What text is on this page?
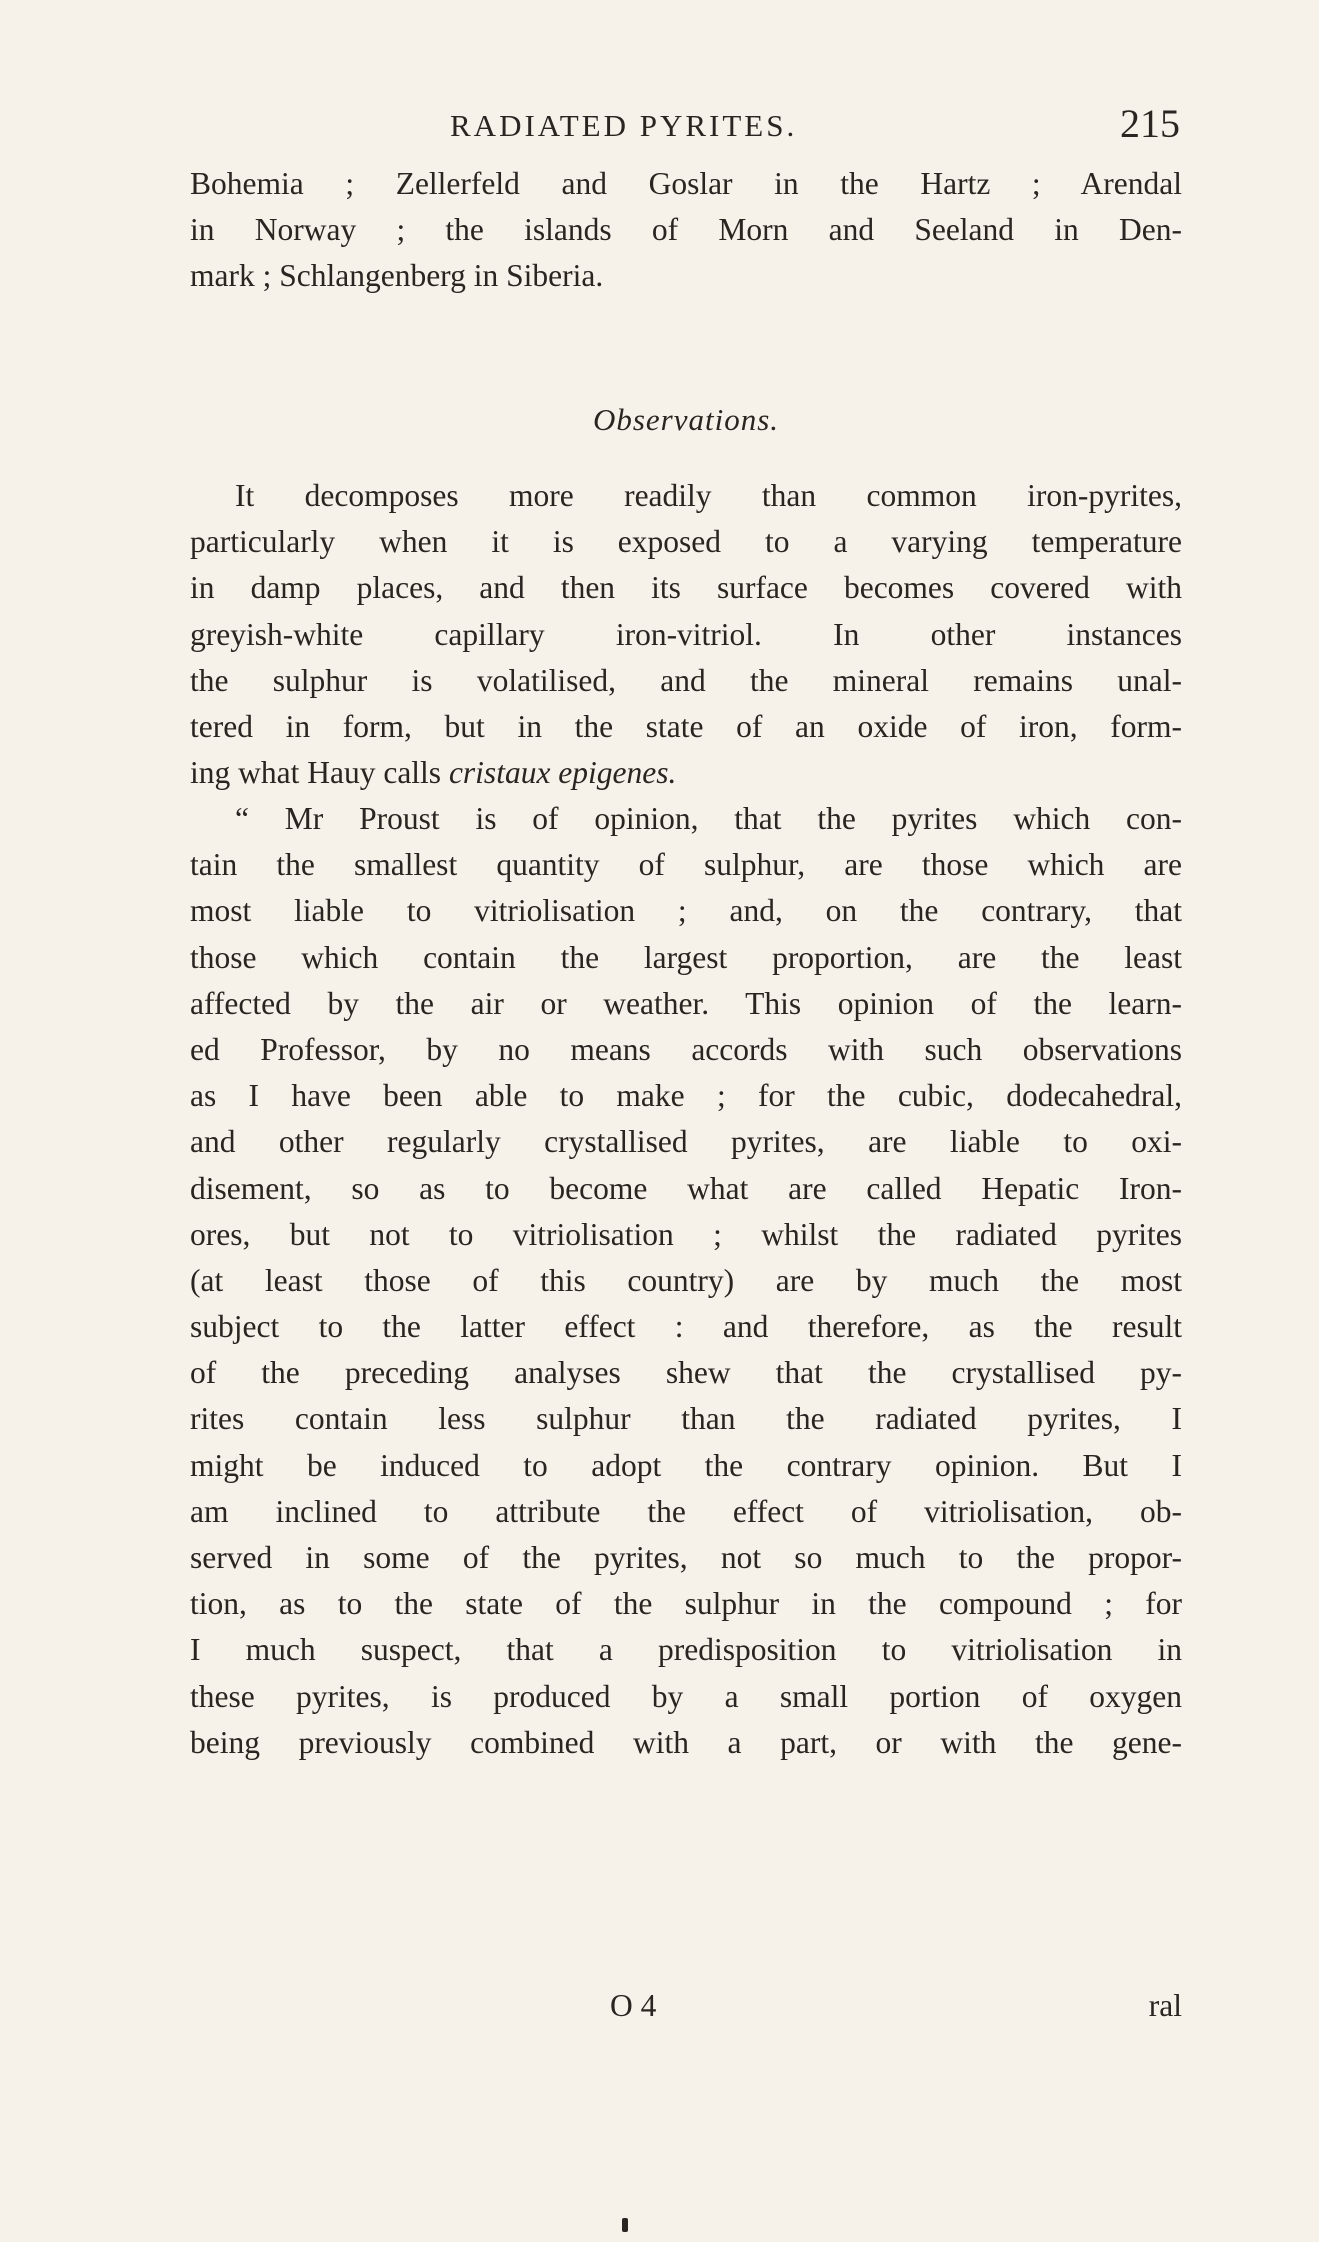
RADIATED PYRITES.	215
Bohemia ; Zellerfeld and Goslar in the Hartz ; Arendal
in Norway ; the islands of Morn and Seeland in Den-
mark ; Schlangenberg in Siberia.
Observations.
It decomposes more readily than common iron-pyrites,
particularly when it is exposed to a varying temperature
in damp places, and then its surface becomes covered with
greyish-white capillary iron-vitriol. In other instances
the sulphur is volatilised, and the mineral remains unal-
tered in form, but in the state of an oxide of iron, form-
ing what Hauy calls cristaux epigenes.
“ Mr Proust is of opinion, that the pyrites which con-
tain the smallest quantity of sulphur, are those which are
most liable to vitriolisation ; and, on the contrary, that
those which contain the largest proportion, are the least
affected by the air or weather. This opinion of the learn-
ed Professor, by no means accords with such observations
as I have been able to make ; for the cubic, dodecahedral,
and other regularly crystallised pyrites, are liable to oxi-
disement, so as to become what are called Hepatic Iron-
ores, but not to vitriolisation ; whilst the radiated pyrites
(at least those of this country) are by much the most
subject to the latter effect : and therefore, as the result
of the preceding analyses shew that the crystallised py-
rites contain less sulphur than the radiated pyrites, I
might be induced to adopt the contrary opinion. But I
am inclined to attribute the effect of vitriolisation, ob-
served in some of the pyrites, not so much to the propor-
tion, as to the state of the sulphur in the compound ; for
I much suspect, that a predisposition to vitriolisation in
these pyrites, is produced by a small portion of oxygen
being previously combined with a part, or with the gene-
O 4	ral
